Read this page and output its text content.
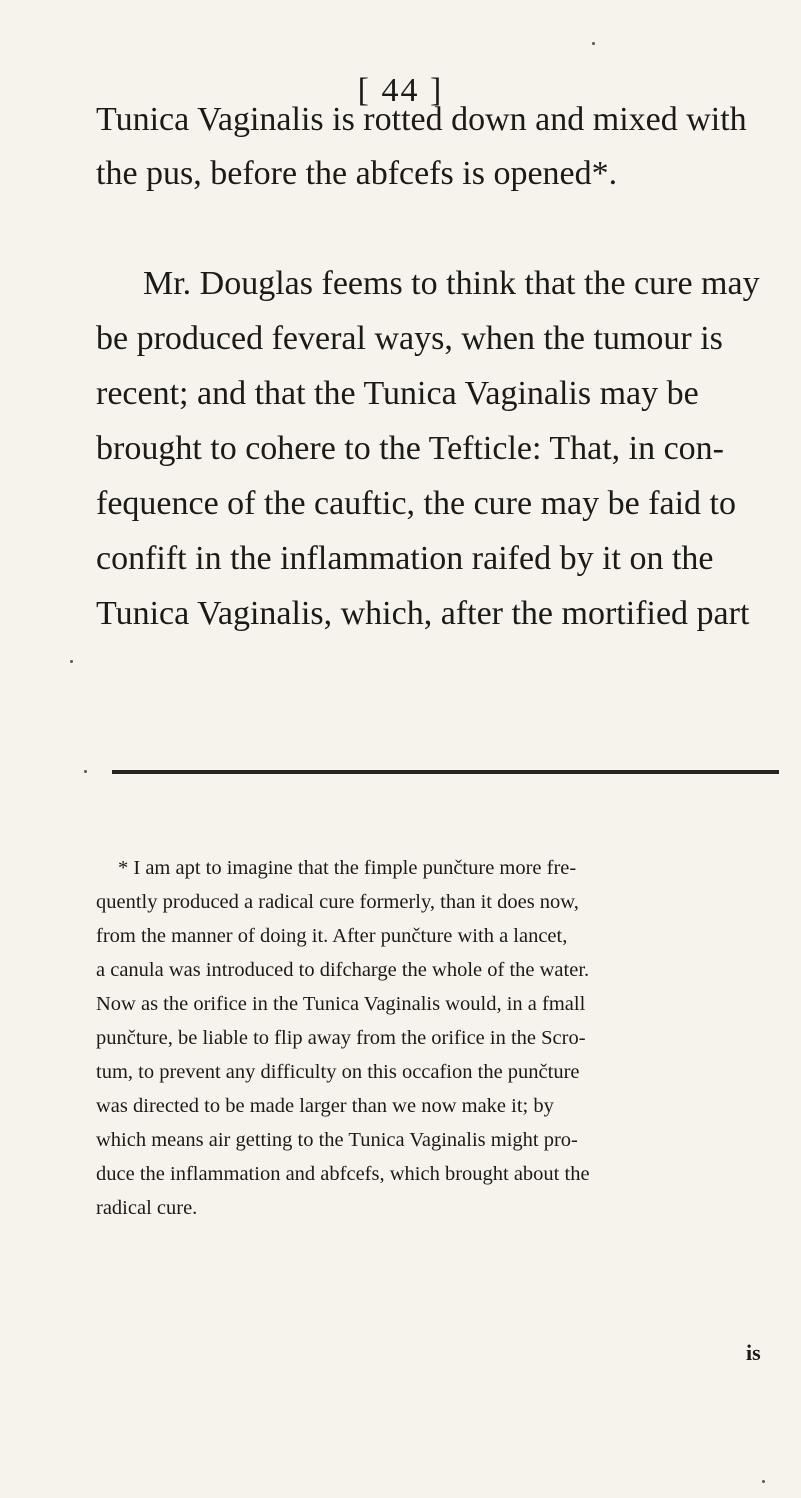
[ 44 ]
Tunica Vaginalis is rotted down and mixed with
the pus, before the abfcefs is opened*.
Mr. Douglas feems to think that the cure may
be produced feveral ways, when the tumour is
recent; and that the Tunica Vaginalis may be
brought to cohere to the Tefticle: That, in con-
fequence of the cauftic, the cure may be faid to
confift in the inflammation raifed by it on the
Tunica Vaginalis, which, after the mortified part
* I am apt to imagine that the fimple punčture more fre-
quently produced a radical cure formerly, than it does now,
from the manner of doing it. After punčture with a lancet,
a canula was introduced to difcharge the whole of the water.
Now as the orifice in the Tunica Vaginalis would, in a fmall
punčture, be liable to flip away from the orifice in the Scro-
tum, to prevent any difficulty on this occafion the punčture
was directed to be made larger than we now make it; by
which means air getting to the Tunica Vaginalis might pro-
duce the inflammation and abfcefs, which brought about the
radical cure.
is
